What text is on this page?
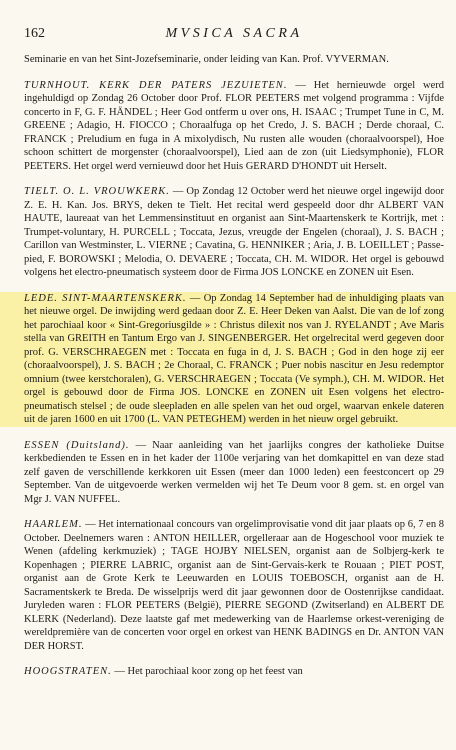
162	MVSICA SACRA

Seminarie en van het Sint-Jozefseminarie, onder leiding van Kan. Prof. VYVERMAN.

TURNHOUT. KERK DER PATERS JEZUIETEN. — Het hernieuwde orgel werd ingehuldigd op Zondag 26 October door Prof. FLOR PEETERS met volgend programma : Vijfde concerto in F, G. F. HÄNDEL ; Heer God ontferm u over ons, H. ISAAC ; Trumpet Tune in C, M. GREENE ; Adagio, H. FIOCCO ; Choraalfuga op het Credo, J. S. BACH ; Derde choraal, C. FRANCK ; Preludium en fuga in A mixolydisch, Nu rusten alle wouden (choraalvoorspel), Hoe schoon schittert de morgenster (choraalvoorspel), Lied aan de zon (uit Liedsymphonie), FLOR PEETERS. Het orgel werd vernieuwd door het Huis GERARD D'HONDT uit Herselt.

TIELT. O. L. VROUWKERK. — Op Zondag 12 October werd het nieuwe orgel ingewijd door Z. E. H. Kan. Jos. BRYS, deken te Tielt. Het recital werd gespeeld door dhr ALBERT VAN HAUTE, laureaat van het Lemmensinstituut en organist aan Sint-Maartenskerk te Kortrijk, met : Trumpet-voluntary, H. PURCELL ; Toccata, Jezus, vreugde der Engelen (choraal), J. S. BACH ; Carillon van Westminster, L. VIERNE ; Cavatina, G. HENNIKER ; Aria, J. B. LOEILLET ; Passe-pied, F. BOROWSKI ; Melodia, O. DEVAERE ; Toccata, CH. M. WIDOR. Het orgel is gebouwd volgens het electro-pneumatisch systeem door de Firma JOS LONCKE en ZONEN uit Esen.

LEDE. SINT-MAARTENSKERK. — Op Zondag 14 September had de inhuldiging plaats van het nieuwe orgel. De inwijding werd gedaan door Z. E. Heer Deken van Aalst. Die van de lof zong het parochiaal koor « Sint-Gregoriusgilde » : Christus dilexit nos van J. RYELANDT ; Ave Maris stella van GREITH en Tantum Ergo van J. SINGENBERGER. Het orgelrecital werd gegeven door prof. G. VERSCHRAEGEN met : Toccata en fuga in d, J. S. BACH ; God in den hoge zij eer (choraalvoorspel), J. S. BACH ; 2e Choraal, C. FRANCK ; Puer nobis nascitur en Jesu redemptor omnium (twee kerstchoralen), G. VERSCHRAEGEN ; Toccata (Ve symph.), CH. M. WIDOR. Het orgel is gebouwd door de Firma JOS. LONCKE en ZONEN uit Esen volgens het electro-pneumatisch stelsel ; de oude sleepladen en alle spelen van het oud orgel, waarvan enkele dateren uit de jaren 1600 en uit 1700 (L. VAN PETEGHEM) werden in het nieuw orgel gebruikt.

ESSEN (Duitsland). — Naar aanleiding van het jaarlijks congres der katholieke Duitse kerkbedienden te Essen en in het kader der 1100e verjaring van het domkapittel en van deze stad zelf gaven de verschillende kerkkoren uit Essen (meer dan 1000 leden) een feestconcert op 29 September. Van de uitgevoerde werken vermelden wij het Te Deum voor 8 gem. st. en orgel van Mgr J. VAN NUFFEL.

HAARLEM. — Het internationaal concours van orgelimprovisatie vond dit jaar plaats op 6, 7 en 8 October. Deelnemers waren : ANTON HEILLER, orgelleraar aan de Hogeschool voor muziek te Wenen (afdeling kerkmuziek) ; TAGE HOJBY NIELSEN, organist aan de Solbjerg-kerk te Kopenhagen ; PIERRE LABRIC, organist aan de Sint-Gervais-kerk te Rouaan ; PIET POST, organist aan de Grote Kerk te Leeuwarden en LOUIS TOEBOSCH, organist aan de H. Sacramentskerk te Breda. De wisselprijs werd dit jaar gewonnen door de Oostenrijkse candidaat. Juryleden waren : FLOR PEETERS (België), PIERRE SEGOND (Zwitserland) en ALBERT DE KLERK (Nederland). Deze laatste gaf met medewerking van de Haarlemse orkest-vereniging de wereldpremière van de concerten voor orgel en orkest van HENK BADINGS en Dr. ANTON VAN DER HORST.

HOOGSTRATEN. — Het parochiaal koor zong op het feest van
